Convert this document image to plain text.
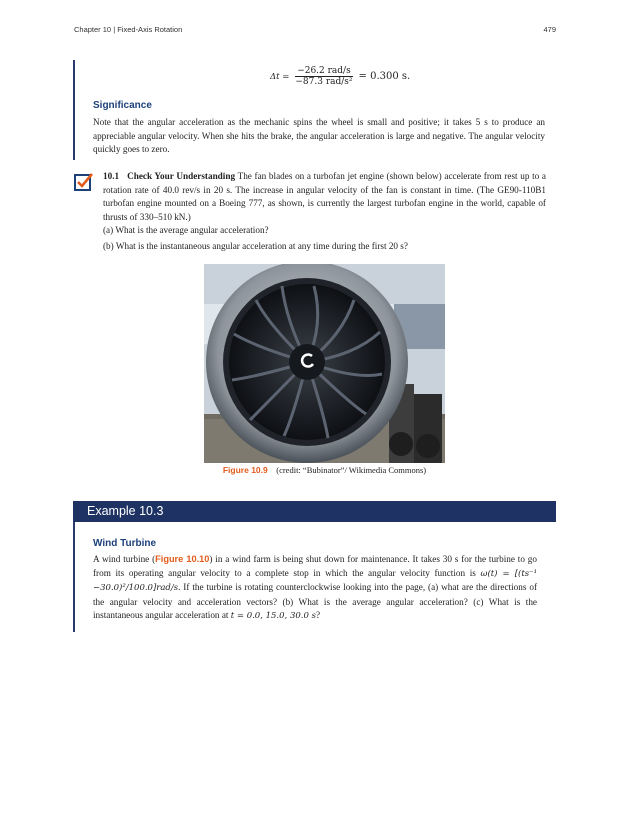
Chapter 10 | Fixed-Axis Rotation	479
$\Delta t = \frac{\text{−26.2 rad/s}}{\text{−87.3 rad/s²}} = 0.300$ s.
Significance
Note that the angular acceleration as the mechanic spins the wheel is small and positive; it takes 5 s to produce an appreciable angular velocity. When she hits the brake, the angular acceleration is large and negative. The angular velocity quickly goes to zero.
10.1 Check Your Understanding The fan blades on a turbofan jet engine (shown below) accelerate from rest up to a rotation rate of 40.0 rev/s in 20 s. The increase in angular velocity of the fan is constant in time. (The GE90-110B1 turbofan engine mounted on a Boeing 777, as shown, is currently the largest turbofan engine in the world, capable of thrusts of 330–510 kN.)
(a) What is the average angular acceleration?
(b) What is the instantaneous angular acceleration at any time during the first 20 s?
Figure 10.9 (credit: “Bubinator”/ Wikimedia Commons)
Example 10.3
Wind Turbine
A wind turbine (Figure 10.10) in a wind farm is being shut down for maintenance. It takes 30 s for the turbine to go from its operating angular velocity to a complete stop in which the angular velocity function is ω(t) = [(ts⁻¹ −30.0)²/100.0]rad/s. If the turbine is rotating counterclockwise looking into the page, (a) what are the directions of the angular velocity and acceleration vectors? (b) What is the average angular acceleration? (c) What is the instantaneous angular acceleration at t = 0.0, 15.0, 30.0 s?
